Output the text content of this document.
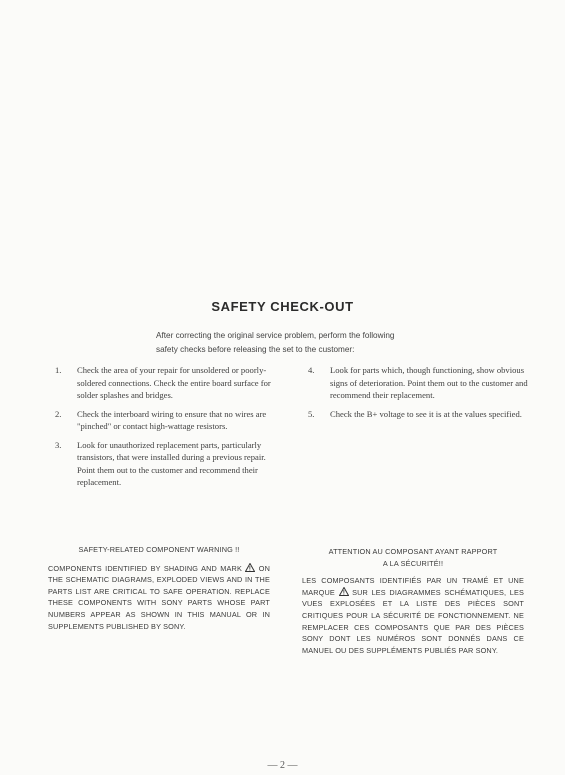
SAFETY CHECK-OUT
After correcting the original service problem, perform the following
safety checks before releasing the set to the customer:
1. Check the area of your repair for unsoldered or poorly-soldered connections. Check the entire board surface for solder splashes and bridges.
2. Check the interboard wiring to ensure that no wires are "pinched" or contact high-wattage resistors.
3. Look for unauthorized replacement parts, particularly transistors, that were installed during a previous repair. Point them out to the customer and recommend their replacement.
4. Look for parts which, though functioning, show obvious signs of deterioration. Point them out to the customer and recommend their replacement.
5. Check the B+ voltage to see it is at the values specified.
SAFETY-RELATED COMPONENT WARNING !!
COMPONENTS IDENTIFIED BY SHADING AND MARK ! ON THE SCHEMATIC DIAGRAMS, EXPLODED VIEWS AND IN THE PARTS LIST ARE CRITICAL TO SAFE OPERATION. REPLACE THESE COMPONENTS WITH SONY PARTS WHOSE PART NUMBERS APPEAR AS SHOWN IN THIS MANUAL OR IN SUPPLEMENTS PUBLISHED BY SONY.
ATTENTION AU COMPOSANT AYANT RAPPORT
A LA SÉCURITÉ!!
LES COMPOSANTS IDENTIFIÉS PAR UN TRAMÉ ET UNE MARQUE ! SUR LES DIAGRAMMES SCHÉMATIQUES, LES VUES EXPLOSÉES ET LA LISTE DES PIÈCES SONT CRITIQUES POUR LA SÉCURITÉ DE FONCTIONNEMENT. NE REMPLACER CES COMPOSANTS QUE PAR DES PIÈCES SONY DONT LES NUMÉROS SONT DONNÉS DANS CE MANUEL OU DES SUPPLÉMENTS PUBLIÉS PAR SONY.
— 2 —
